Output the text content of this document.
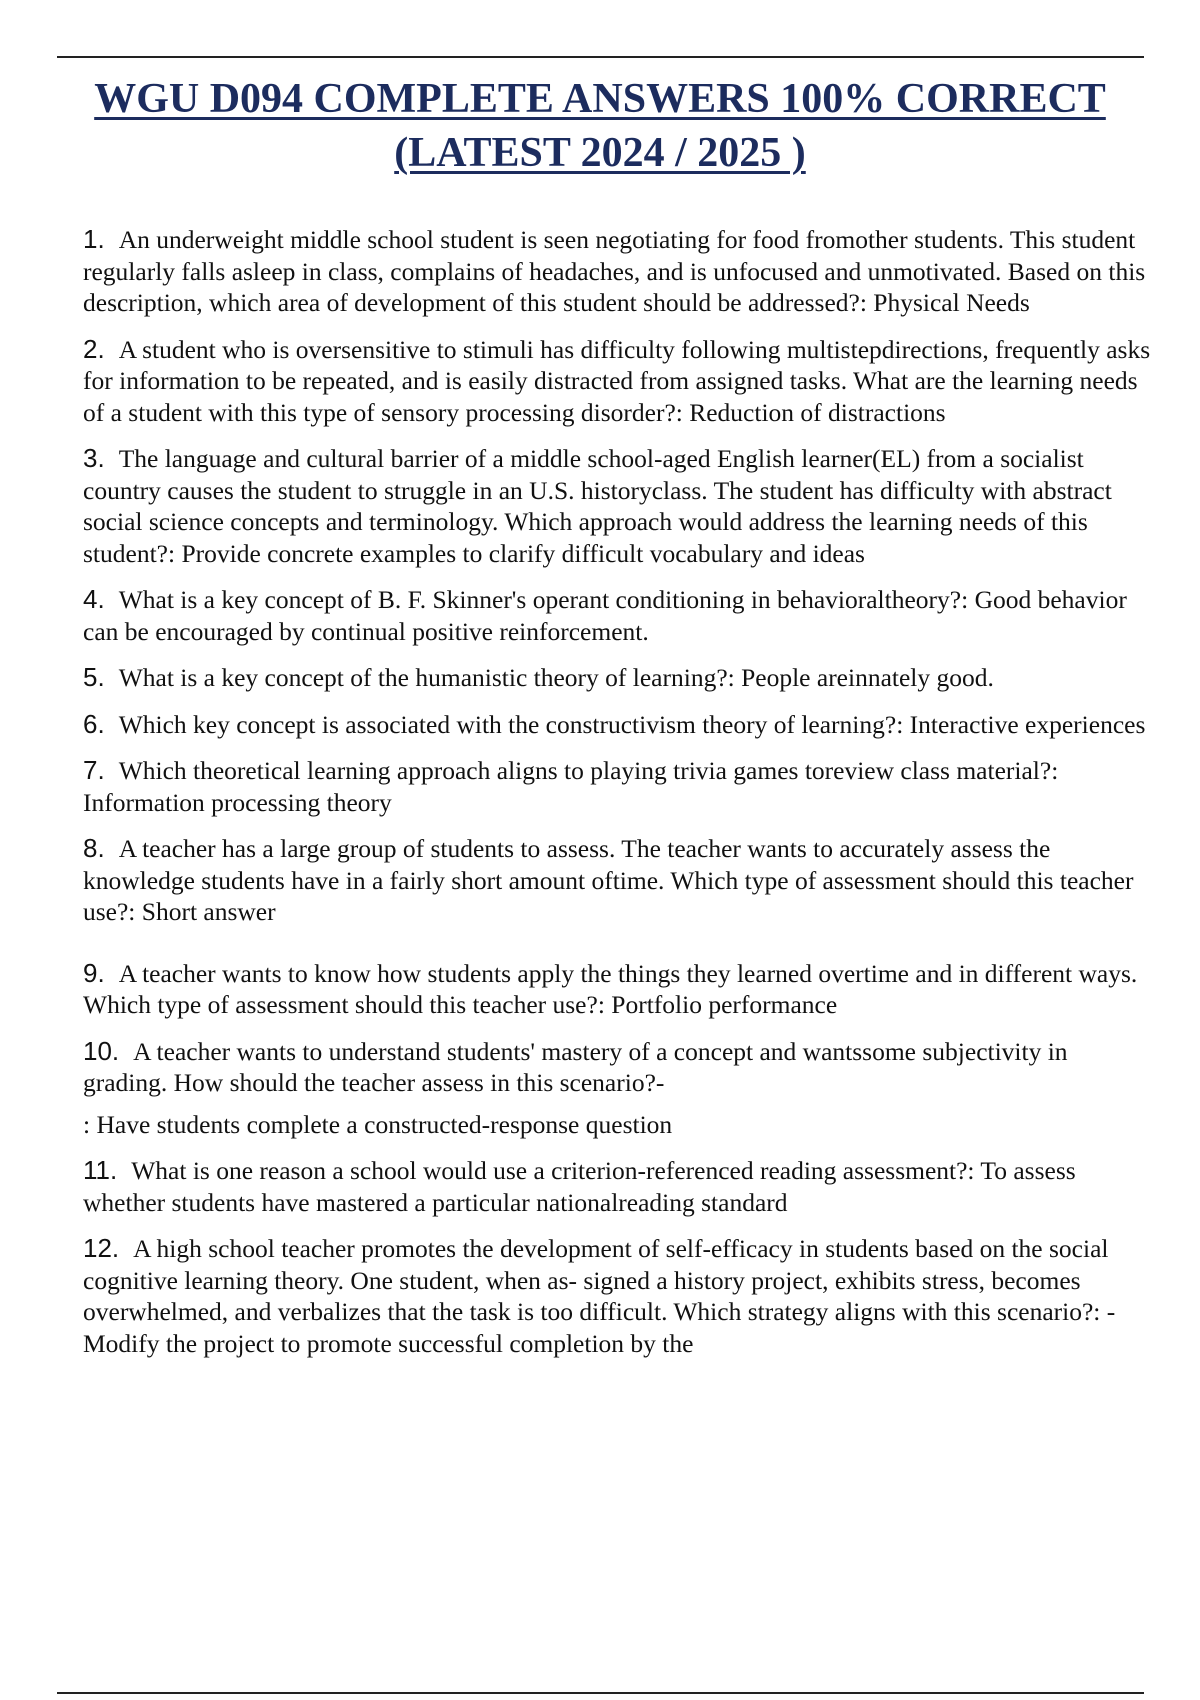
WGU D094 COMPLETE ANSWERS 100% CORRECT
(LATEST 2024 / 2025 )

1. An underweight middle school student is seen negotiating for food fromother students. This student regularly falls asleep in class, complains of headaches, and is unfocused and unmotivated. Based on this description, which area of development of this student should be addressed?: Physical Needs

2. A student who is oversensitive to stimuli has difficulty following multistepdirections, frequently asks for information to be repeated, and is easily distracted from assigned tasks. What are the learning needs of a student with this type of sensory processing disorder?: Reduction of distractions

3. The language and cultural barrier of a middle school-aged English learner(EL) from a socialist country causes the student to struggle in an U.S. historyclass. The student has difficulty with abstract social science concepts and terminology. Which approach would address the learning needs of this student?: Provide concrete examples to clarify difficult vocabulary and ideas

4. What is a key concept of B. F. Skinner's operant conditioning in behavioraltheory?: Good behavior can be encouraged by continual positive reinforcement.

5. What is a key concept of the humanistic theory of learning?: People areinnately good.

6. Which key concept is associated with the constructivism theory of learning?: Interactive experiences

7. Which theoretical learning approach aligns to playing trivia games toreview class material?: Information processing theory

8. A teacher has a large group of students to assess. The teacher wants to accurately assess the knowledge students have in a fairly short amount oftime. Which type of assessment should this teacher use?: Short answer

9. A teacher wants to know how students apply the things they learned overtime and in different ways. Which type of assessment should this teacher use?: Portfolio performance

10. A teacher wants to understand students' mastery of a concept and wantssome subjectivity in grading. How should the teacher assess in this scenario?-

: Have students complete a constructed-response question

11. What is one reason a school would use a criterion-referenced reading assessment?: To assess whether students have mastered a particular nationalreading standard

12. A high school teacher promotes the development of self-efficacy in students based on the social cognitive learning theory. One student, when as- signed a history project, exhibits stress, becomes overwhelmed, and verbalizes that the task is too difficult. Which strategy aligns with this scenario?: -Modify the project to promote successful completion by the
